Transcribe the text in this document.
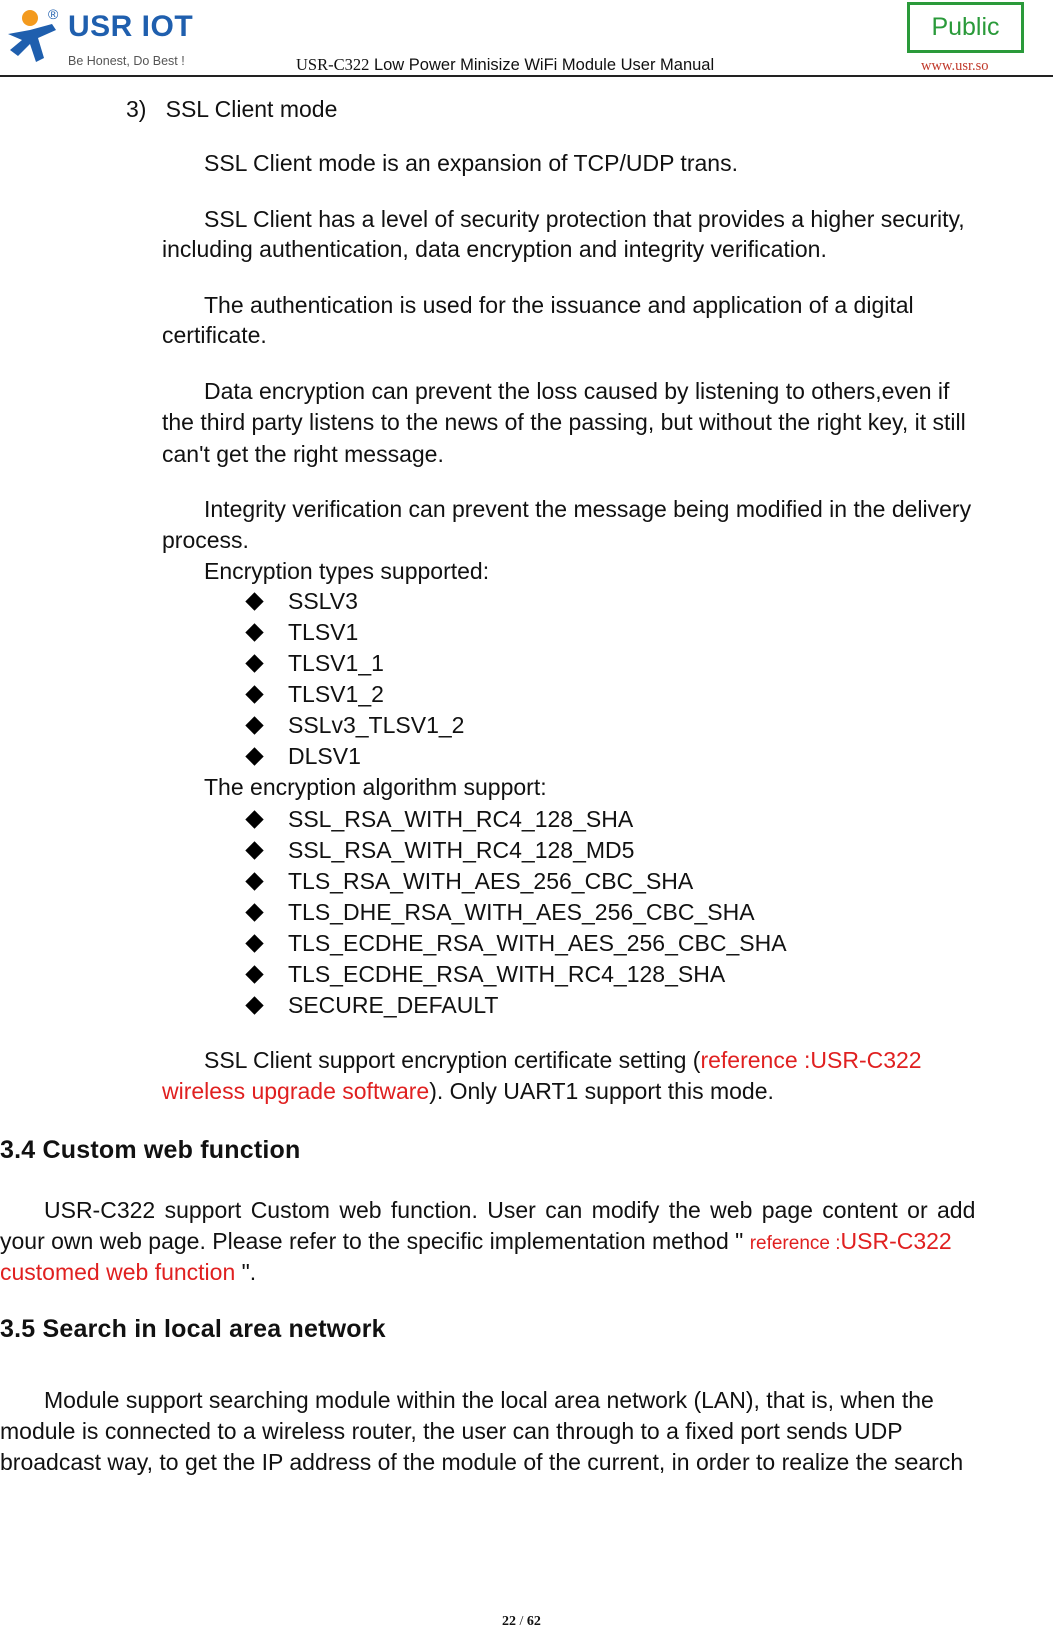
® USR IOT
Be Honest, Do Best !	USR-C322 Low Power Minisize WiFi Module User Manual
Public
www.usr.so
3)   SSL Client mode
SSL Client mode is an expansion of TCP/UDP trans.
SSL Client has a level of security protection that provides a higher security,
including authentication, data encryption and integrity verification.
The authentication is used for the issuance and application of a digital
certificate.
Data encryption can prevent the loss caused by listening to others,even if
the third party listens to the news of the passing, but without the right key, it still
can't get the right message.
Integrity verification can prevent the message being modified in the delivery
process.
Encryption types supported:
SSLV3
TLSV1
TLSV1_1
TLSV1_2
SSLv3_TLSV1_2
DLSV1
The encryption algorithm support:
SSL_RSA_WITH_RC4_128_SHA
SSL_RSA_WITH_RC4_128_MD5
TLS_RSA_WITH_AES_256_CBC_SHA
TLS_DHE_RSA_WITH_AES_256_CBC_SHA
TLS_ECDHE_RSA_WITH_AES_256_CBC_SHA
TLS_ECDHE_RSA_WITH_RC4_128_SHA
SECURE_DEFAULT
SSL Client support encryption certificate setting (reference :USR-C322
wireless upgrade software). Only UART1 support this mode.
3.4 Custom web function
USR-C322 support Custom web function. User can modify the web page content or add
your own web page. Please refer to the specific implementation method " reference :USR-C322
customed web function ".
3.5 Search in local area network
Module support searching module within the local area network (LAN), that is, when the
module is connected to a wireless router, the user can through to a fixed port sends UDP
broadcast way, to get the IP address of the module of the current, in order to realize the search
22 / 62
